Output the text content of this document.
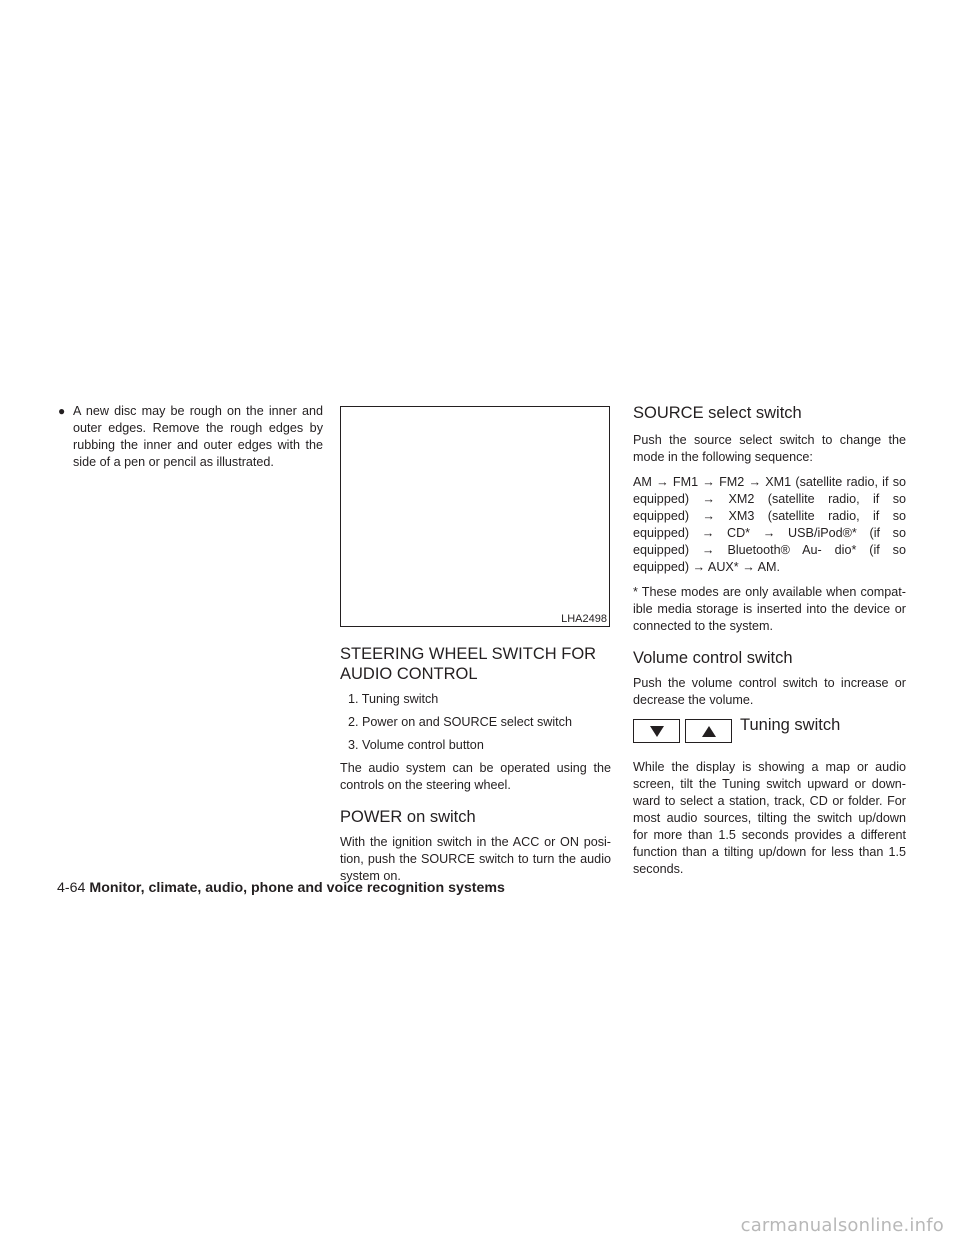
● A new disc may be rough on the inner and outer edges. Remove the rough edges by rubbing the inner and outer edges with the side of a pen or pencil as illustrated.
LHA2498
STEERING WHEEL SWITCH FOR
AUDIO CONTROL
1. Tuning switch
2. Power on and SOURCE select switch
3. Volume control button

The audio system can be operated using the controls on the steering wheel.

POWER on switch

With the ignition switch in the ACC or ON posi- tion, push the SOURCE switch to turn the audio system on.

SOURCE select switch

Push the source select switch to change the mode in the following sequence:

AM → FM1 → FM2 → XM1 (satellite radio, if so equipped) → XM2 (satellite radio, if so equipped) → XM3 (satellite radio, if so equipped) → CD* → USB/iPod®* (if so equipped) → Bluetooth® Au- dio* (if so equipped) → AUX* → AM.

* These modes are only available when compat- ible media storage is inserted into the device or connected to the system.

Volume control switch

Push the volume control switch to increase or decrease the volume.

Tuning switch

While the display is showing a map or audio screen, tilt the Tuning switch upward or down- ward to select a station, track, CD or folder. For most audio sources, tilting the switch up/down for more than 1.5 seconds provides a different function than a tilting up/down for less than 1.5 seconds.

4-64 Monitor, climate, audio, phone and voice recognition systems
carmanualsonline.info
